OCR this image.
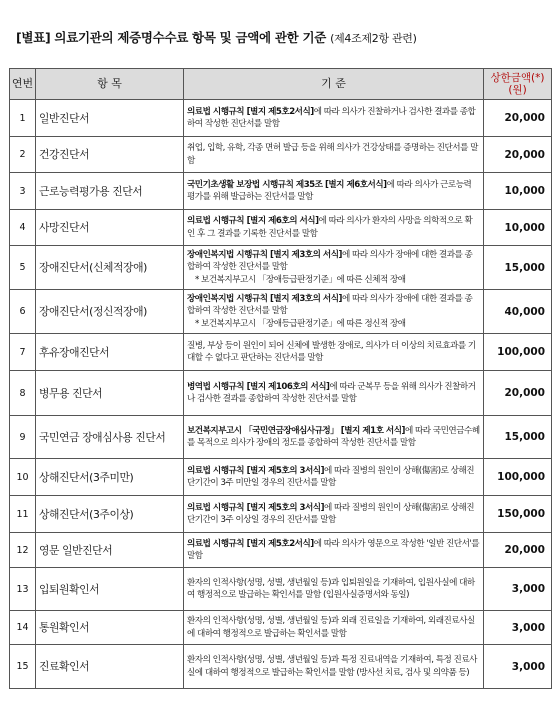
[별표] 의료기관의 제증명수수료 항목 및 금액에 관한 기준 (제4조제2항 관련)
연번	항 목	기 준	상한금액(*)
(원)
1	일반진단서	의료법 시행규칙 [별지 제5호2서식]에 따라 의사가 진찰하거나 검사한 결과를 종합하여 작성한 진단서를 말함	20,000
2	건강진단서	취업, 입학, 유학, 각종 면허 발급 등을 위해 의사가 건강상태를 증명하는 진단서를 말함	20,000
3	근로능력평가용 진단서	국민기초생활 보장법 시행규칙 제35조 [별지 제6호서식]에 따라 의사가 근로능력 평가를 위해 발급하는 진단서를 말함	10,000
4	사망진단서	의료법 시행규칙 [별지 제6호의 서식]에 따라 의사가 환자의 사망을 의학적으로 확인 후 그 결과를 기록한 진단서를 말함	10,000
5	장애진단서(신체적장애)	장애인복지법 시행규칙 [별지 제3호의 서식]에 따라 의사가 장애에 대한 결과를 종합하여 작성한 진단서를 말함
* 보건복지부고시 「장애등급판정기준」에 따른 신체적 장애	15,000
6	장애진단서(정신적장애)	장애인복지법 시행규칙 [별지 제3호의 서식]에 따라 의사가 장애에 대한 결과를 종합하여 작성한 진단서를 말함
* 보건복지부고시 「장애등급판정기준」에 따른 정신적 장애	40,000
7	후유장애진단서	질병, 부상 등이 원인이 되어 신체에 발생한 장애로, 의사가 더 이상의 치료효과를 기대할 수 없다고 판단하는 진단서를 말함	100,000
8	병무용 진단서	병역법 시행규칙 [별지 제106호의 서식]에 따라 군복무 등을 위해 의사가 진찰하거나 검사한 결과를 종합하여 작성한 진단서를 말함	20,000
9	국민연금 장애심사용 진단서	보건복지부고시 「국민연금장애심사규정」 [별지 제1호 서식]에 따라 국민연금수혜를 목적으로 의사가 장애의 정도를 종합하여 작성한 진단서를 말함	15,000
10	상해진단서(3주미만)	의료법 시행규칙 [별지 제5호의 3서식]에 따라 질병의 원인이 상해(傷害)로 상해진단기간이 3주 미만일 경우의 진단서를 말함	100,000
11	상해진단서(3주이상)	의료법 시행규칙 [별지 제5호의 3서식]에 따라 질병의 원인이 상해(傷害)로 상해진단기간이 3주 이상일 경우의 진단서를 말함	150,000
12	영문 일반진단서	의료법 시행규칙 [별지 제5호2서식]에 따라 의사가 영문으로 작성한 '일반 진단서'를 말함	20,000
13	입퇴원확인서	환자의 인적사항(성명, 성별, 생년월일 등)과 입퇴원일을 기재하여, 입원사실에 대하여 행정적으로 발급하는 확인서를 말함 (입원사실증명서와 동일)	3,000
14	통원확인서	환자의 인적사항(성명, 성별, 생년월일 등)과 외래 진료일을 기재하여, 외래진료사실에 대하여 행정적으로 발급하는 확인서를 말함	3,000
15	진료확인서	환자의 인적사항(성명, 성별, 생년월일 등)과 특정 진료내역을 기재하여, 특정 진료사실에 대하여 행정적으로 발급하는 확인서를 말함 (방사선 치료, 검사 및 의약품 등)	3,000
